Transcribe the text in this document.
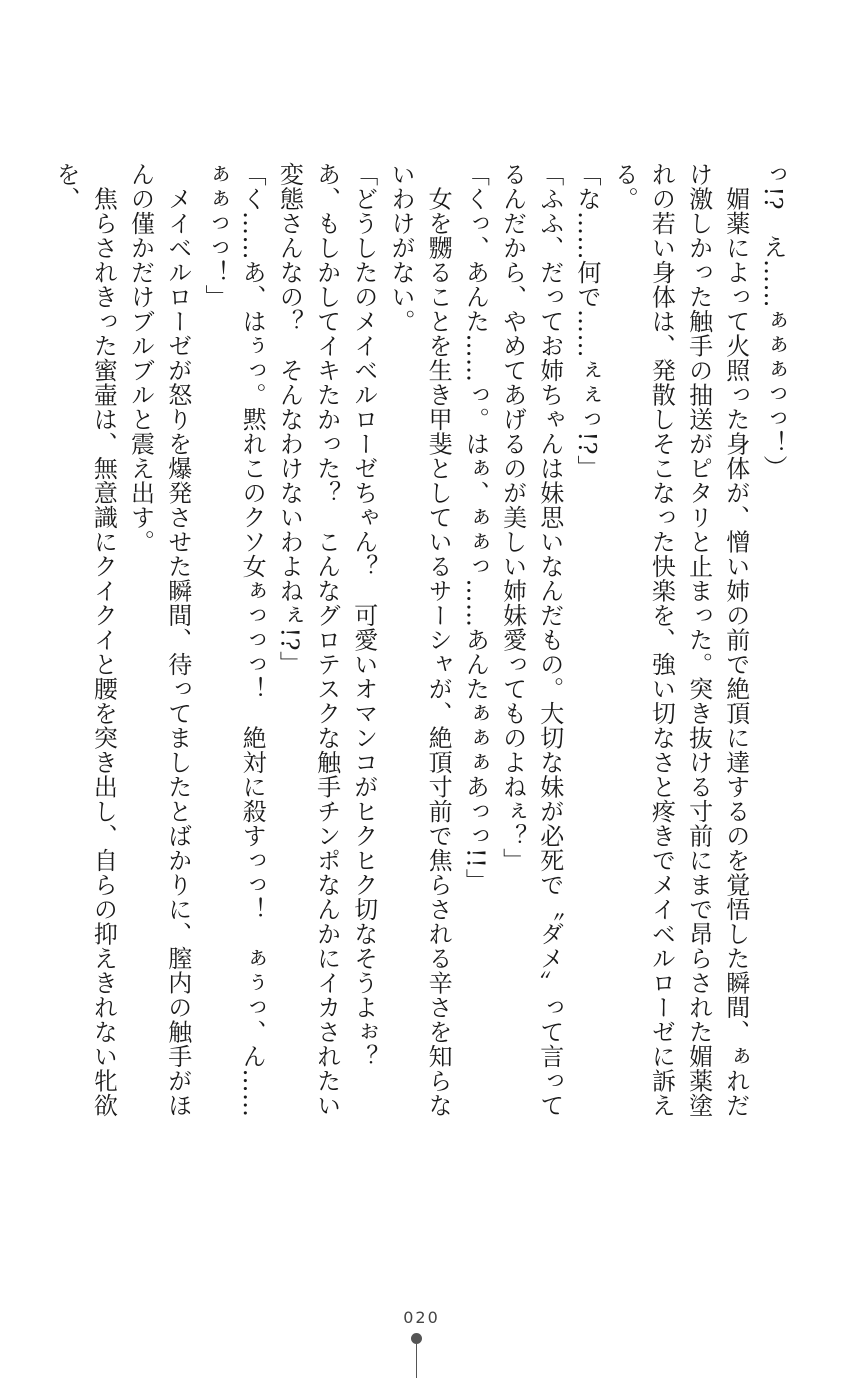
っ!?　え……ぁぁぁっっ！）

　媚薬によって火照った身体が、憎い姉の前で絶頂に達するのを覚悟した瞬間、ぁれだけ激しかった触手の抽送がピタリと止まった。突き抜ける寸前にまで昂らされた媚薬塗れの若い身体は、発散しそこなった快楽を、強い切なさと疼きでメイベルローゼに訴える。

「な……何で……ぇぇっ!?」

「ふふ、だってお姉ちゃんは妹思いなんだもの。大切な妹が必死で〝ダメ〟って言ってるんだから、やめてあげるのが美しい姉妹愛ってものよねぇ？」

「くっ、あんた……っ。はぁ、ぁぁっ……あんたぁぁぁあっっ!!」

　女を嬲ることを生き甲斐としているサーシャが、絶頂寸前で焦らされる辛さを知らないわけがない。

「どうしたのメイベルローゼちゃん？　可愛いオマンコがヒクヒク切なそうよぉ？　あ、もしかしてイキたかった？　こんなグロテスクな触手チンポなんかにイカされたい変態さんなの？　そんなわけないわよねぇ!?」

「く……あ、はぅっ。黙れこのクソ女ぁっっっ！　絶対に殺すっっ！　ぁぅっ、ん……ぁぁっっ！」

　メイベルローゼが怒りを爆発させた瞬間、待ってましたとばかりに、膣内の触手がほんの僅かだけブルブルと震え出す。

　焦らされきった蜜壷は、無意識にクイクイと腰を突き出し、自らの抑えきれない牝欲を、

020
